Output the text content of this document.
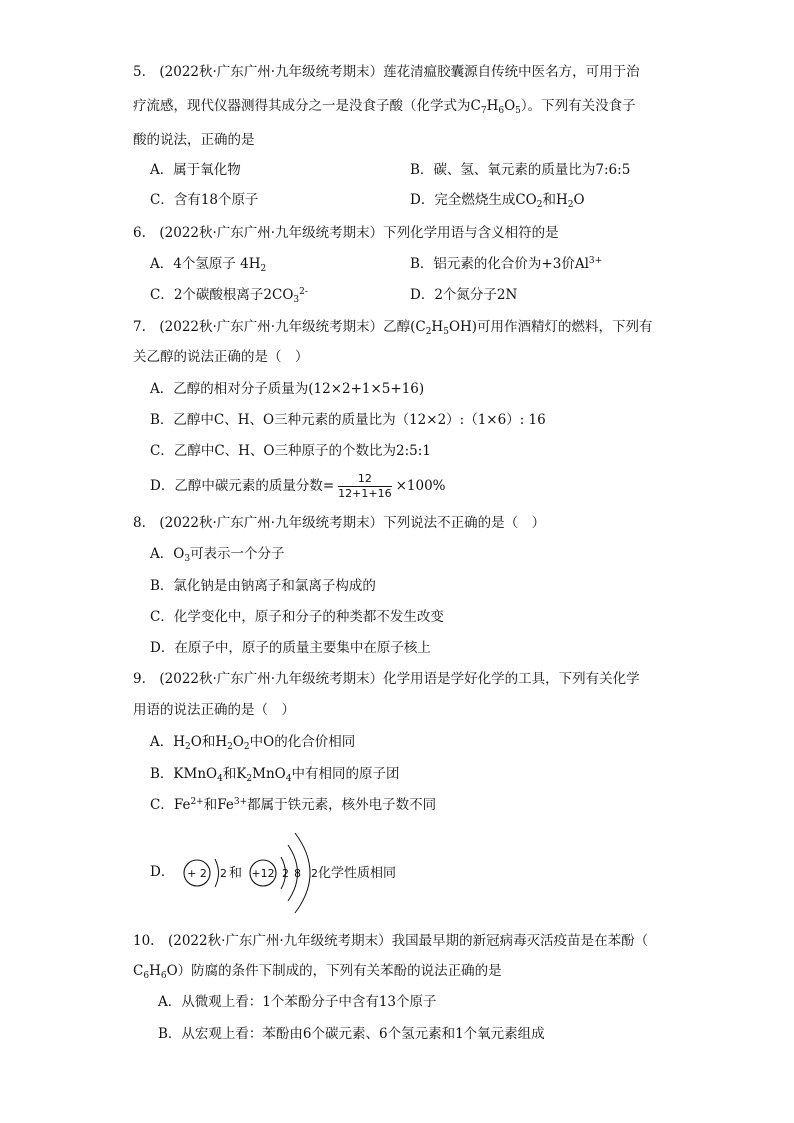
5.　(2022秋·广东广州·九年级统考期末）莲花清瘟胶囊源自传统中医名方，可用于治
疗流感，现代仪器测得其成分之一是没食子酸（化学式为$C_7H_6O_5$）。下列有关没食子
酸的说法，正确的是
A．属于氧化物	B．碳、氢、氧元素的质量比为7:6:5
C．含有18个原子	D．完全燃烧生成$CO_2$和$H_2O$
6.　(2022秋·广东广州·九年级统考期末）下列化学用语与含义相符的是
A．4个氢原子 $4H_2$	B．铝元素的化合价为+3价$Al^{3+}$
C．2个碳酸根离子$2CO_3^{2-}$	D．2个氮分子2N
7.　(2022秋·广东广州·九年级统考期末）乙醇$(C_2H_5OH)$可用作酒精灯的燃料，下列有
关乙醇的说法正确的是（　）
A．乙醇的相对分子质量为(12×2+1×5+16)
B．乙醇中C、H、O三种元素的质量比为（12×2）:（1×6）: 16
C．乙醇中C、H、O三种原子的个数比为2:5:1
D．乙醇中碳元素的质量分数= $\frac{12}{12+1+16} \times 100\%$
8.　(2022秋·广东广州·九年级统考期末）下列说法不正确的是（　）
A．$O_3$可表示一个分子
B．氯化钠是由钠离子和氯离子构成的
C．化学变化中，原子和分子的种类都不发生改变
D．在原子中，原子的质量主要集中在原子核上
9.　(2022秋·广东广州·九年级统考期末）化学用语是学好化学的工具，下列有关化学
用语的说法正确的是（　）
A．$H_2O$和$H_2O_2$中O的化合价相同
B．KMnO$_4$和$K_2MnO_4$中有相同的原子团
C．$Fe^{2+}$和$Fe^{3+}$都属于铁元素，核外电子数不同
D． + 2 2 和 +12 2 8 2 化学性质相同
10.　(2022秋·广东广州·九年级统考期末）我国最早期的新冠病毒灭活疫苗是在苯酚（
$C_6H_6O$）防腐的条件下制成的，下列有关苯酚的说法正确的是
A．从微观上看：1个苯酚分子中含有13个原子
B．从宏观上看：苯酚由6个碳元素、6个氢元素和1个氧元素组成
